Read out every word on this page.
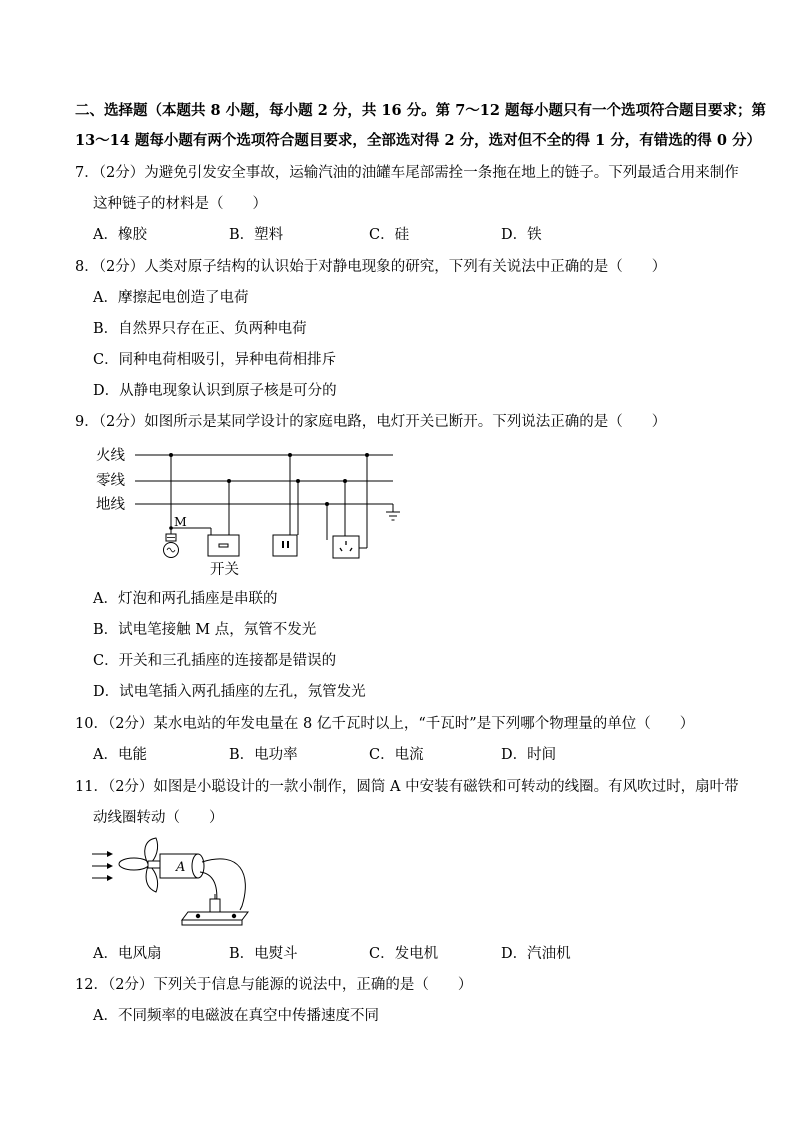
二、选择题（本题共 8 小题，每小题 2 分，共 16 分。第 7～12 题每小题只有一个选项符合题目要求；第
13～14 题每小题有两个选项符合题目要求，全部选对得 2 分，选对但不全的得 1 分，有错选的得 0 分）
7．（2分）为避免引发安全事故，运输汽油的油罐车尾部需拴一条拖在地上的链子。下列最适合用来制作
这种链子的材料是（　　）
A．橡胶	B．塑料	C．硅	D．铁
8．（2分）人类对原子结构的认识始于对静电现象的研究，下列有关说法中正确的是（　　）
A．摩擦起电创造了电荷
B．自然界只存在正、负两种电荷
C．同种电荷相吸引，异种电荷相排斥
D．从静电现象认识到原子核是可分的
9．（2分）如图所示是某同学设计的家庭电路，电灯开关已断开。下列说法正确的是（　　）
火线
零线
地线
M
开关
A．灯泡和两孔插座是串联的
B．试电笔接触 M 点，氖管不发光
C．开关和三孔插座的连接都是错误的
D．试电笔插入两孔插座的左孔，氖管发光
10．（2分）某水电站的年发电量在 8 亿千瓦时以上，“千瓦时”是下列哪个物理量的单位（　　）
A．电能	B．电功率	C．电流	D．时间
11．（2分）如图是小聪设计的一款小制作，圆筒 A 中安装有磁铁和可转动的线圈。有风吹过时，扇叶带
动线圈转动（　　）
A
A．电风扇	B．电熨斗	C．发电机	D．汽油机
12．（2分）下列关于信息与能源的说法中，正确的是（　　）
A．不同频率的电磁波在真空中传播速度不同
